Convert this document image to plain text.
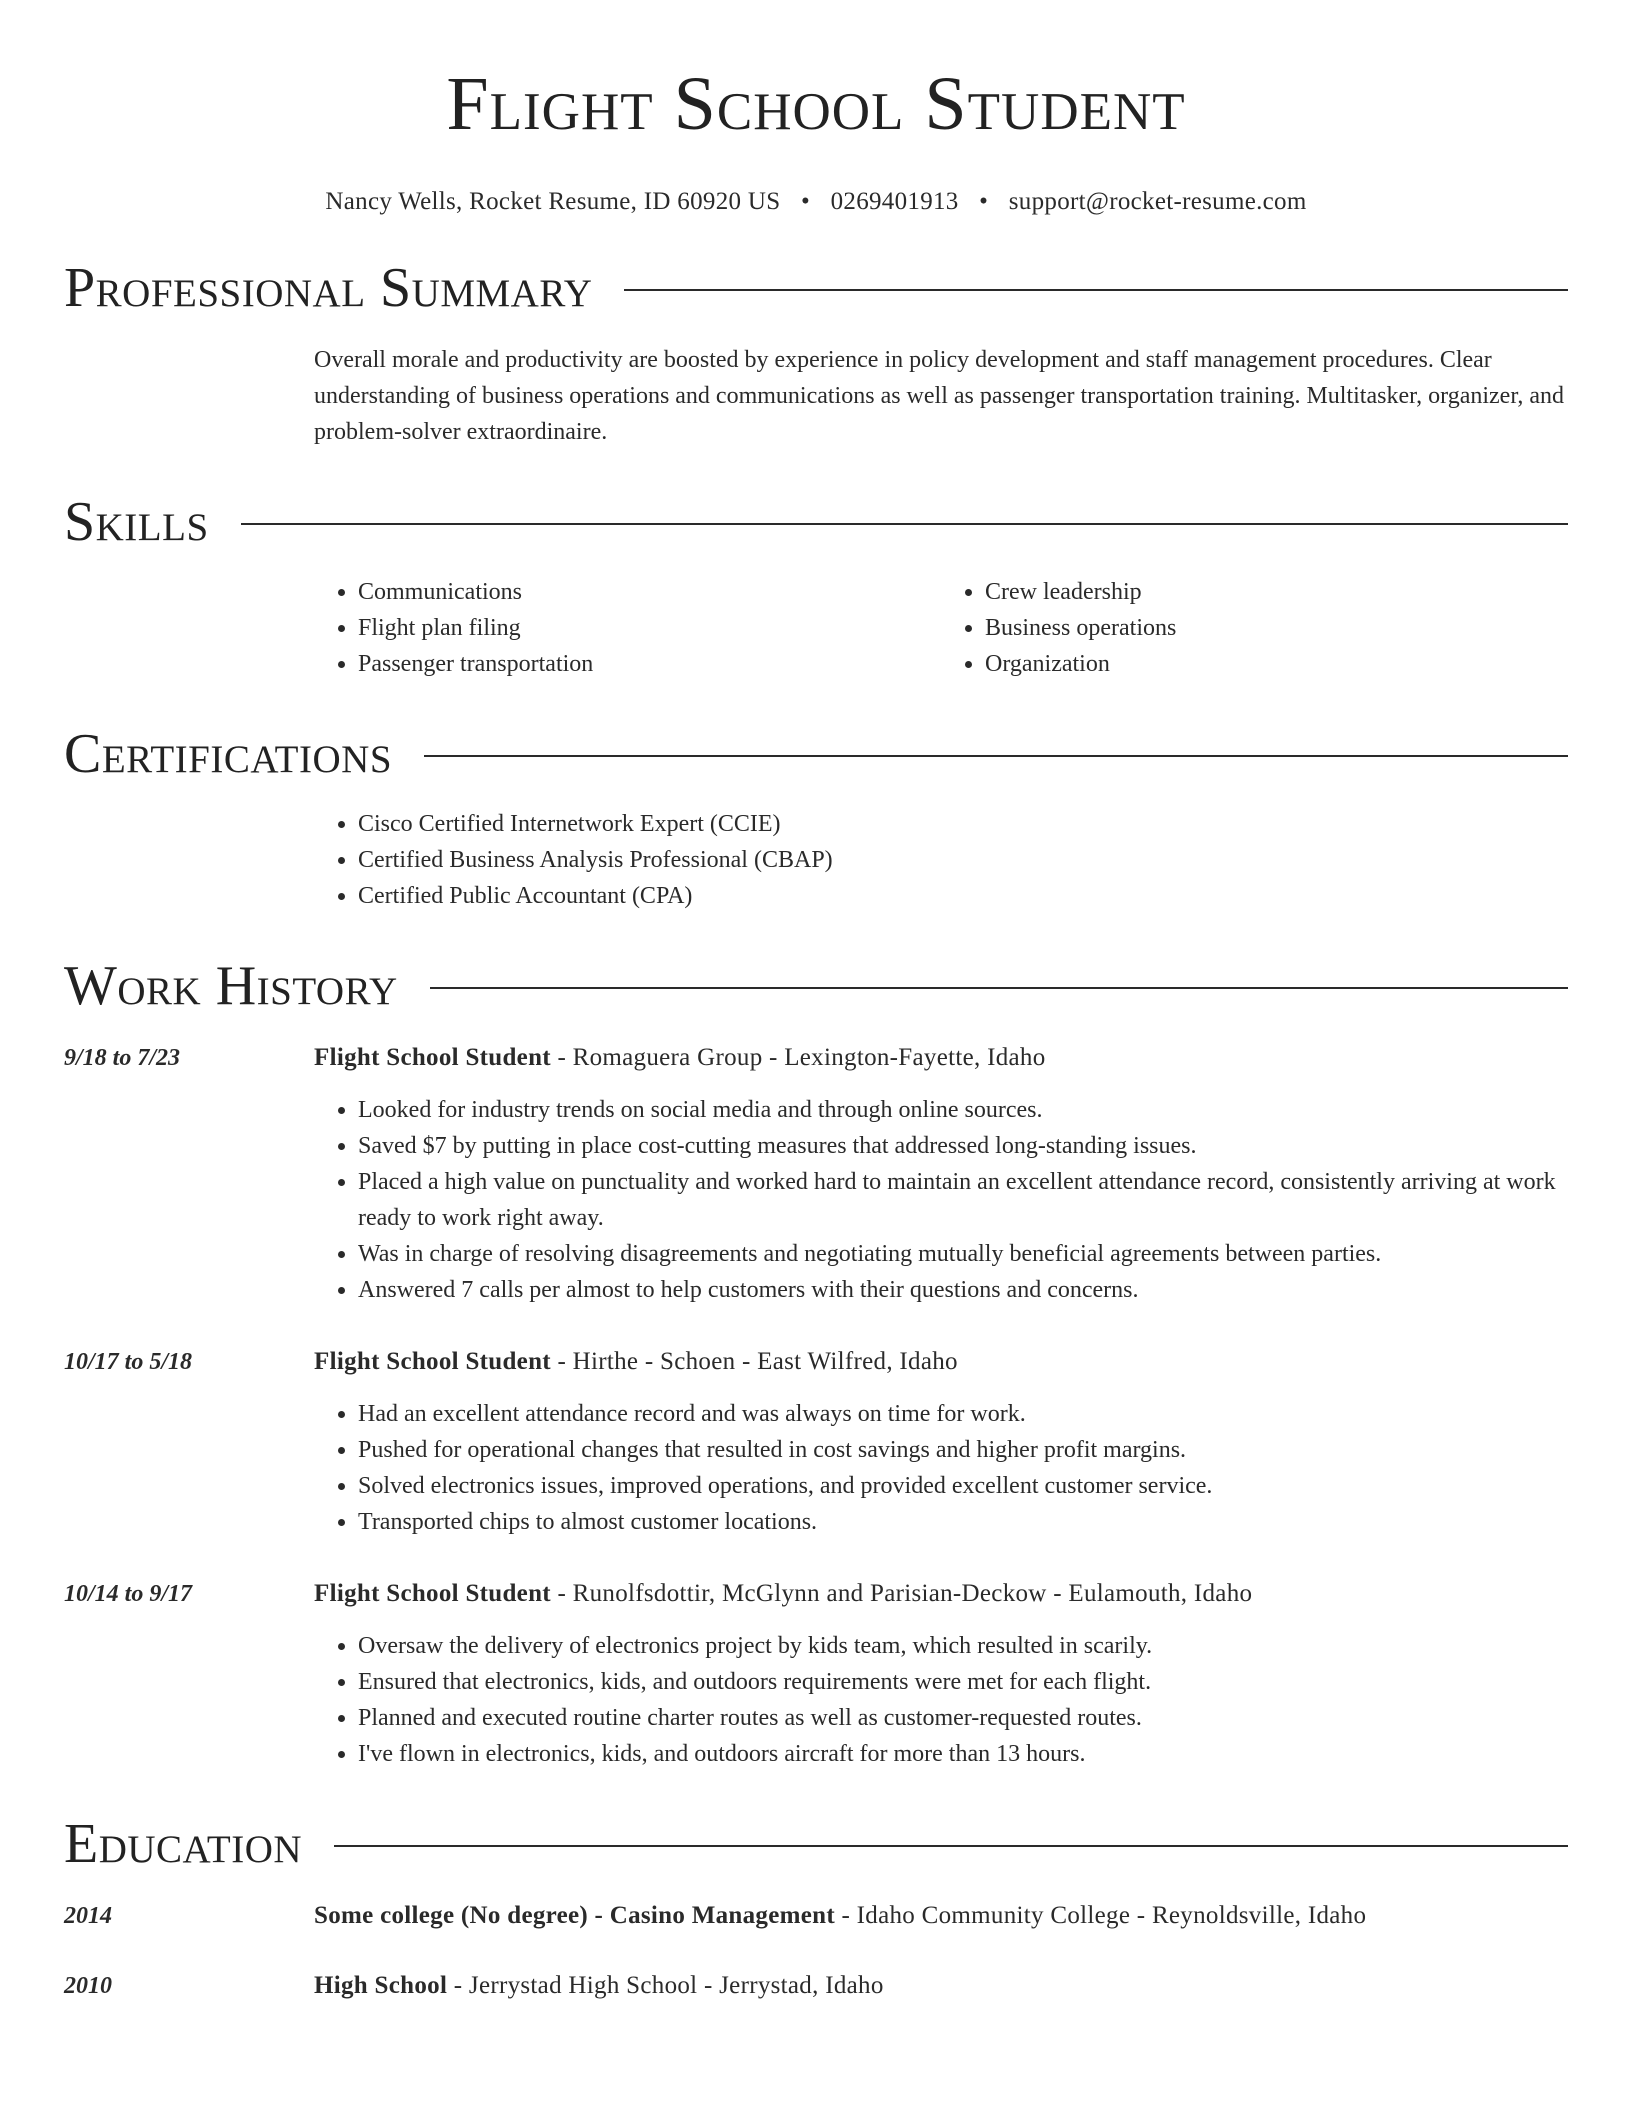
Flight School Student
Nancy Wells, Rocket Resume, ID 60920 US • 0269401913 • support@rocket-resume.com
Professional Summary
Overall morale and productivity are boosted by experience in policy development and staff management procedures. Clear understanding of business operations and communications as well as passenger transportation training. Multitasker, organizer, and problem-solver extraordinaire.
Skills
• Communications
• Flight plan filing
• Passenger transportation
• Crew leadership
• Business operations
• Organization
Certifications
• Cisco Certified Internetwork Expert (CCIE)
• Certified Business Analysis Professional (CBAP)
• Certified Public Accountant (CPA)
Work History
9/18 to 7/23	Flight School Student - Romaguera Group - Lexington-Fayette, Idaho
• Looked for industry trends on social media and through online sources.
• Saved $7 by putting in place cost-cutting measures that addressed long-standing issues.
• Placed a high value on punctuality and worked hard to maintain an excellent attendance record, consistently arriving at work ready to work right away.
• Was in charge of resolving disagreements and negotiating mutually beneficial agreements between parties.
• Answered 7 calls per almost to help customers with their questions and concerns.
10/17 to 5/18	Flight School Student - Hirthe - Schoen - East Wilfred, Idaho
• Had an excellent attendance record and was always on time for work.
• Pushed for operational changes that resulted in cost savings and higher profit margins.
• Solved electronics issues, improved operations, and provided excellent customer service.
• Transported chips to almost customer locations.
10/14 to 9/17	Flight School Student - Runolfsdottir, McGlynn and Parisian-Deckow - Eulamouth, Idaho
• Oversaw the delivery of electronics project by kids team, which resulted in scarily.
• Ensured that electronics, kids, and outdoors requirements were met for each flight.
• Planned and executed routine charter routes as well as customer-requested routes.
• I've flown in electronics, kids, and outdoors aircraft for more than 13 hours.
Education
2014	Some college (No degree) - Casino Management - Idaho Community College - Reynoldsville, Idaho
2010	High School - Jerrystad High School - Jerrystad, Idaho
